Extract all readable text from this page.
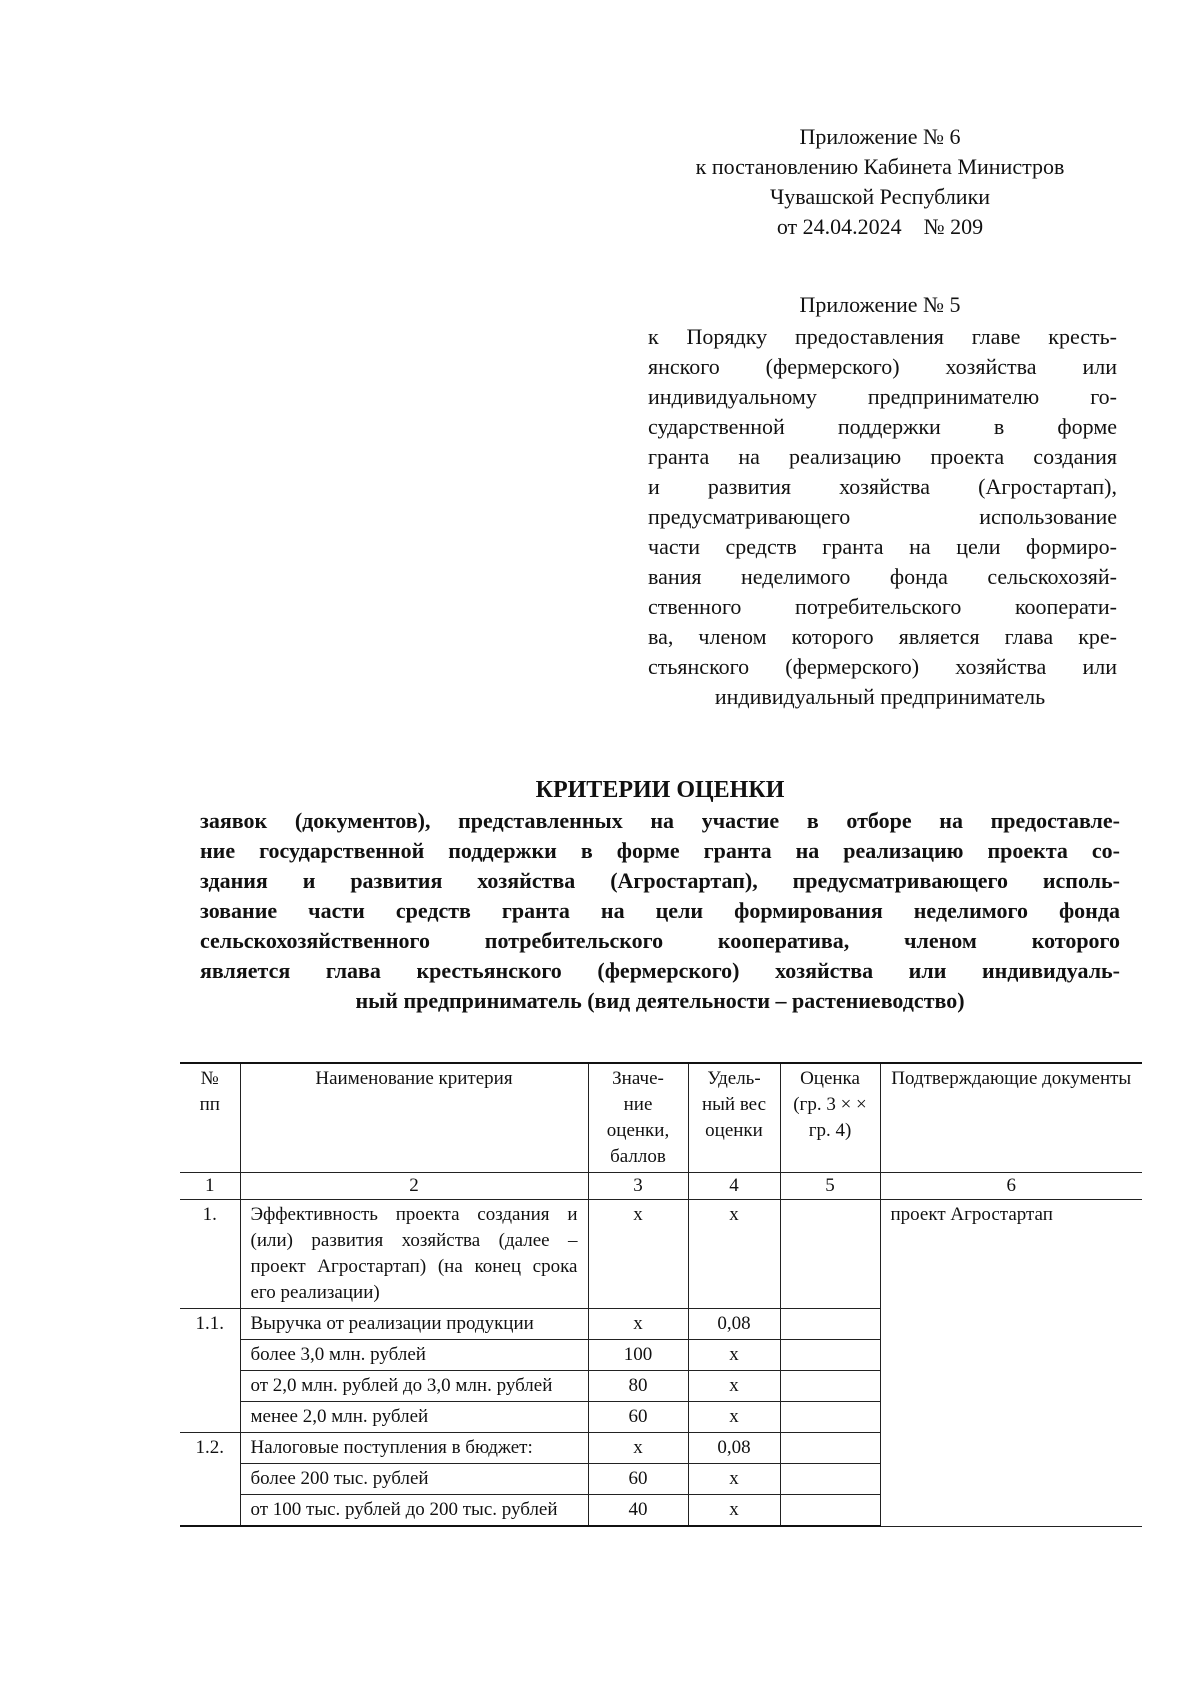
Приложение № 6
к постановлению Кабинета Министров
Чувашской Республики
от 24.04.2024    № 209
Приложение № 5
к Порядку предоставления главе кресть-
янского (фермерского) хозяйства или
индивидуальному предпринимателю го-
сударственной поддержки в форме
гранта на реализацию проекта создания
и развития хозяйства (Агростартап),
предусматривающего использование
части средств гранта на цели формиро-
вания неделимого фонда сельскохозяй-
ственного потребительского кооперати-
ва, членом которого является глава кре-
стьянского (фермерского) хозяйства или
индивидуальный предприниматель
КРИТЕРИИ ОЦЕНКИ
заявок (документов), представленных на участие в отборе на предоставле-
ние государственной поддержки в форме гранта на реализацию проекта со-
здания и развития хозяйства (Агростартап), предусматривающего исполь-
зование части средств гранта на цели формирования неделимого фонда
сельскохозяйственного потребительского кооператива, членом которого
является глава крестьянского (фермерского) хозяйства или индивидуаль-
ный предприниматель (вид деятельности – растениеводство)
№ пп	Наименование критерия	Значе-ние оценки, баллов	Удель-ный вес оценки	Оценка (гр. 3 × × гр. 4)	Подтверждающие документы
1	2	3	4	5	6
1.	Эффективность проекта создания и (или) развития хозяйства (далее – проект Агростартап) (на конец срока его реализации)	x	x		проект Агростартап
1.1.	Выручка от реализации продукции	x	0,08		
	более 3,0 млн. рублей	100	x		
	от 2,0 млн. рублей до 3,0 млн. рублей	80	x		
	менее 2,0 млн. рублей	60	x		
1.2.	Налоговые поступления в бюджет:	x	0,08		
	более 200 тыс. рублей	60	x		
	от 100 тыс. рублей до 200 тыс. рублей	40	x		
